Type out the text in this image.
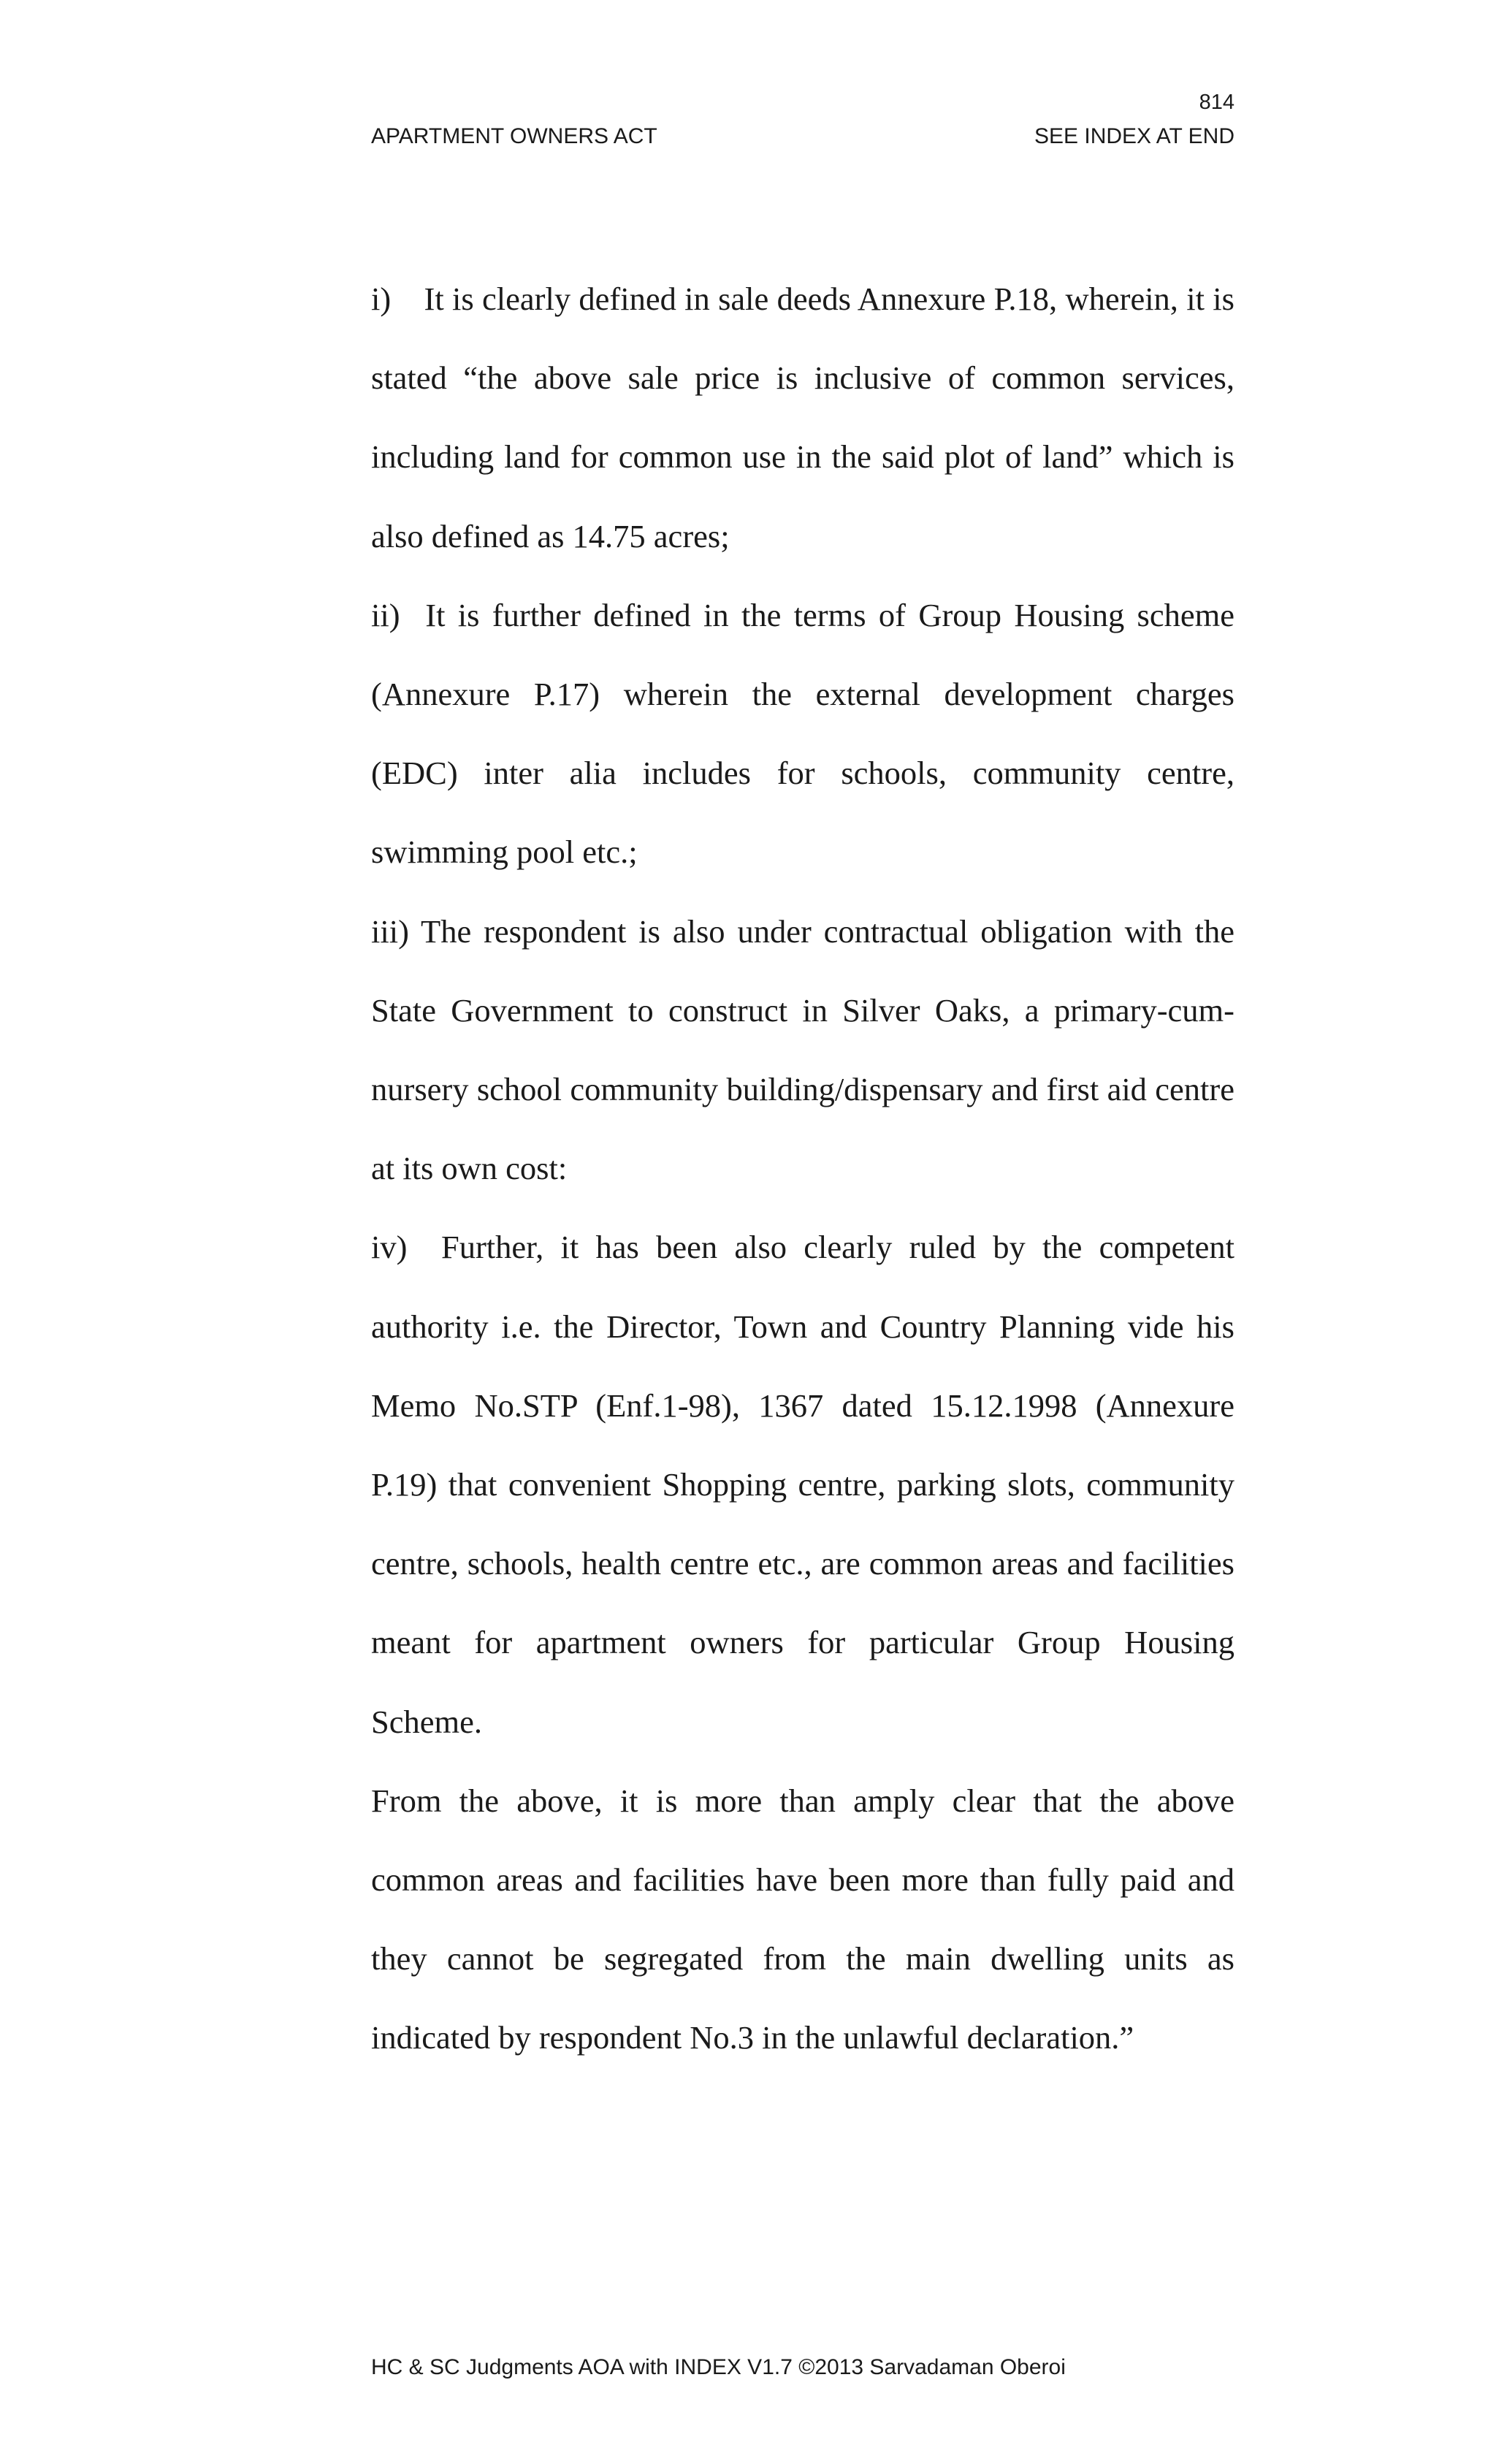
814
APARTMENT OWNERS ACT	SEE INDEX AT END

i)    It is clearly defined in sale deeds Annexure P.18, wherein, it is stated “the above sale price is inclusive of common services, including land for common use in the said plot of land” which is also defined as 14.75 acres;

ii)  It is further defined in the terms of Group Housing scheme (Annexure P.17) wherein the external development charges (EDC) inter alia includes for schools, community centre, swimming pool etc.;

iii) The respondent is also under contractual obligation with the State Government to construct in Silver Oaks, a primary-cum- nursery school community building/dispensary and first aid centre at its own cost:

iv)  Further, it has been also clearly ruled by the competent authority i.e. the Director, Town and Country Planning vide his Memo No.STP (Enf.1-98), 1367 dated 15.12.1998 (Annexure P.19) that convenient Shopping centre, parking slots, community centre, schools, health centre etc., are common areas and facilities meant for apartment owners for particular Group Housing Scheme.

From the above, it is more than amply clear that the above common areas and facilities have been more than fully paid and they cannot be segregated from the main dwelling units as indicated by respondent No.3 in the unlawful declaration.”

HC & SC Judgments AOA with INDEX V1.7 ©2013 Sarvadaman Oberoi
